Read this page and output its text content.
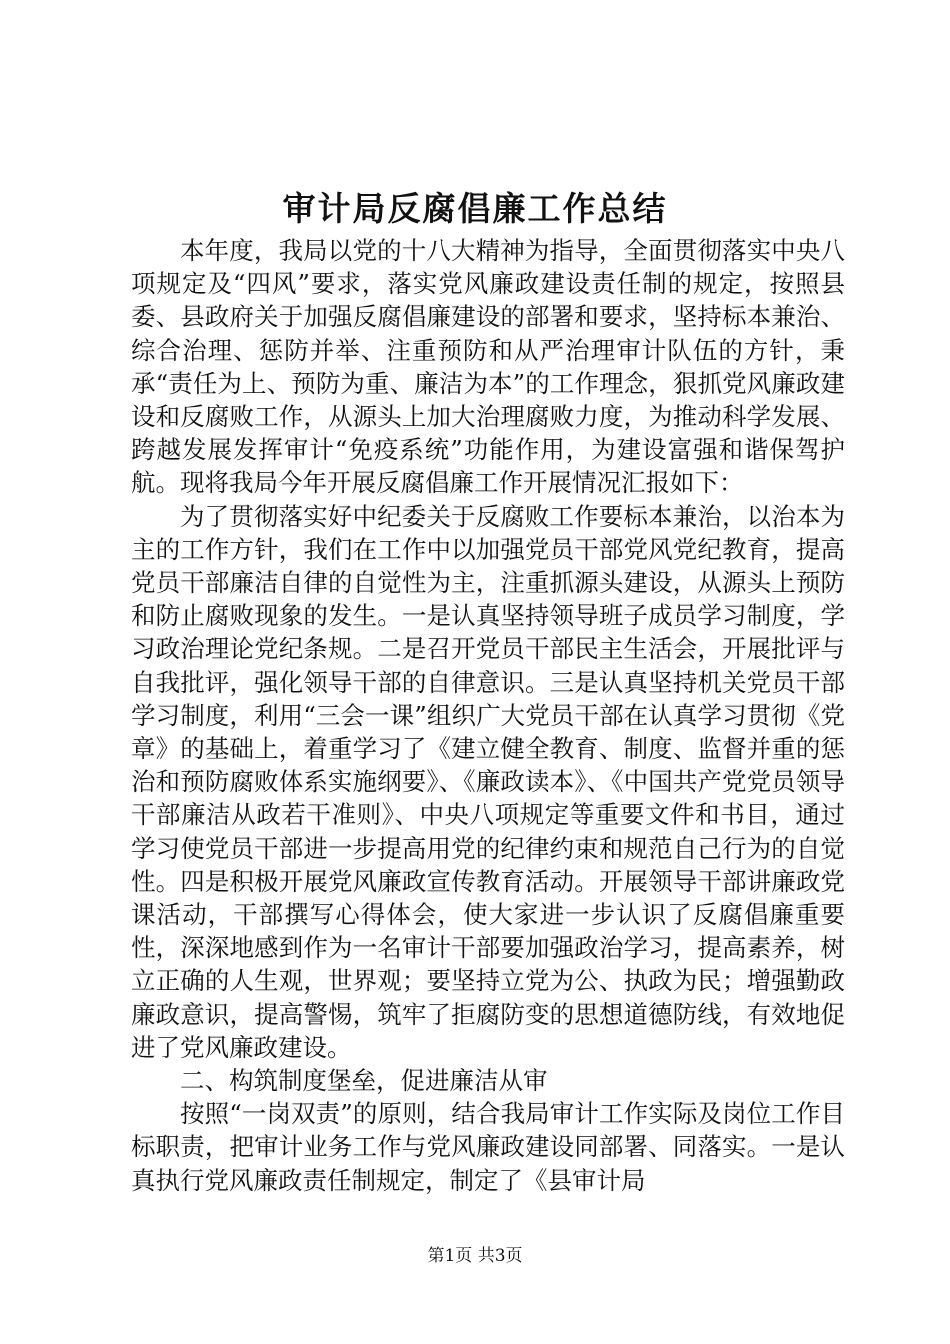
审计局反腐倡廉工作总结

本年度，我局以党的十八大精神为指导，全面贯彻落实中央八项规定及“四风”要求，落实党风廉政建设责任制的规定，按照县委、县政府关于加强反腐倡廉建设的部署和要求，坚持标本兼治、综合治理、惩防并举、注重预防和从严治理审计队伍的方针，秉承“责任为上、预防为重、廉洁为本”的工作理念，狠抓党风廉政建设和反腐败工作，从源头上加大治理腐败力度，为推动科学发展、跨越发展发挥审计“免疫系统”功能作用，为建设富强和谐保驾护航。现将我局今年开展反腐倡廉工作开展情况汇报如下：

为了贯彻落实好中纪委关于反腐败工作要标本兼治，以治本为主的工作方针，我们在工作中以加强党员干部党风党纪教育，提高党员干部廉洁自律的自觉性为主，注重抓源头建设，从源头上预防和防止腐败现象的发生。一是认真坚持领导班子成员学习制度，学习政治理论党纪条规。二是召开党员干部民主生活会，开展批评与自我批评，强化领导干部的自律意识。三是认真坚持机关党员干部学习制度，利用“三会一课”组织广大党员干部在认真学习贯彻《党章》的基础上，着重学习了《建立健全教育、制度、监督并重的惩治和预防腐败体系实施纲要》、《廉政读本》、《中国共产党党员领导干部廉洁从政若干准则》、中央八项规定等重要文件和书目，通过学习使党员干部进一步提高用党的纪律约束和规范自己行为的自觉性。四是积极开展党风廉政宣传教育活动。开展领导干部讲廉政党课活动，干部撰写心得体会，使大家进一步认识了反腐倡廉重要性，深深地感到作为一名审计干部要加强政治学习，提高素养，树立正确的人生观，世界观；要坚持立党为公、执政为民；增强勤政廉政意识，提高警惕，筑牢了拒腐防变的思想道德防线，有效地促进了党风廉政建设。

二、构筑制度堡垒，促进廉洁从审

按照“一岗双责”的原则，结合我局审计工作实际及岗位工作目标职责，把审计业务工作与党风廉政建设同部署、同落实。一是认真执行党风廉政责任制规定，制定了《县审计局

第1页 共3页
